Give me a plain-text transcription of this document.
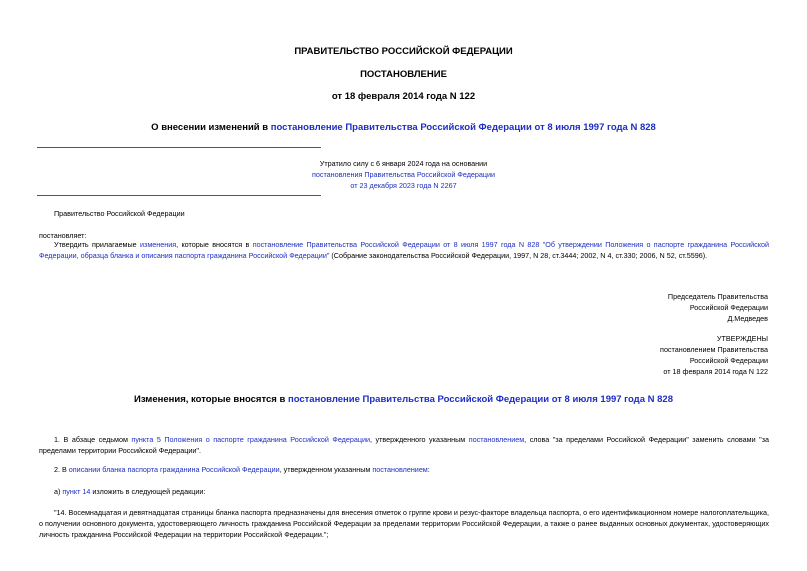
ПРАВИТЕЛЬСТВО РОССИЙСКОЙ ФЕДЕРАЦИИ
ПОСТАНОВЛЕНИЕ
от 18 февраля 2014 года N 122
О внесении изменений в постановление Правительства Российской Федерации от 8 июля 1997 года N 828
Утратило силу с 6 января 2024 года на основании
постановления Правительства Российской Федерации
от 23 декабря 2023 года N 2267
Правительство Российской Федерации
постановляет:
Утвердить прилагаемые изменения, которые вносятся в постановление Правительства Российской Федерации от 8 июля 1997 года N 828 "Об утверждении Положения о паспорте гражданина Российской Федерации, образца бланка и описания паспорта гражданина Российской Федерации" (Собрание законодательства Российской Федерации, 1997, N 28, ст.3444; 2002, N 4, ст.330; 2006, N 52, ст.5596).
Председатель Правительства
Российской Федерации
Д.Медведев
УТВЕРЖДЕНЫ
постановлением Правительства
Российской Федерации
от 18 февраля 2014 года N 122
Изменения, которые вносятся в постановление Правительства Российской Федерации от 8 июля 1997 года N 828
1. В абзаце седьмом пункта 5 Положения о паспорте гражданина Российской Федерации, утвержденного указанным постановлением, слова "за пределами Российской Федерации" заменить словами "за пределами территории Российской Федерации".
2. В описании бланка паспорта гражданина Российской Федерации, утвержденном указанным постановлением:
а) пункт 14 изложить в следующей редакции:
"14. Восемнадцатая и девятнадцатая страницы бланка паспорта предназначены для внесения отметок о группе крови и резус-факторе владельца паспорта, о его идентификационном номере налогоплательщика, о получении основного документа, удостоверяющего личность гражданина Российской Федерации за пределами территории Российской Федерации, а также о ранее выданных основных документах, удостоверяющих личность гражданина Российской Федерации на территории Российской Федерации.";
